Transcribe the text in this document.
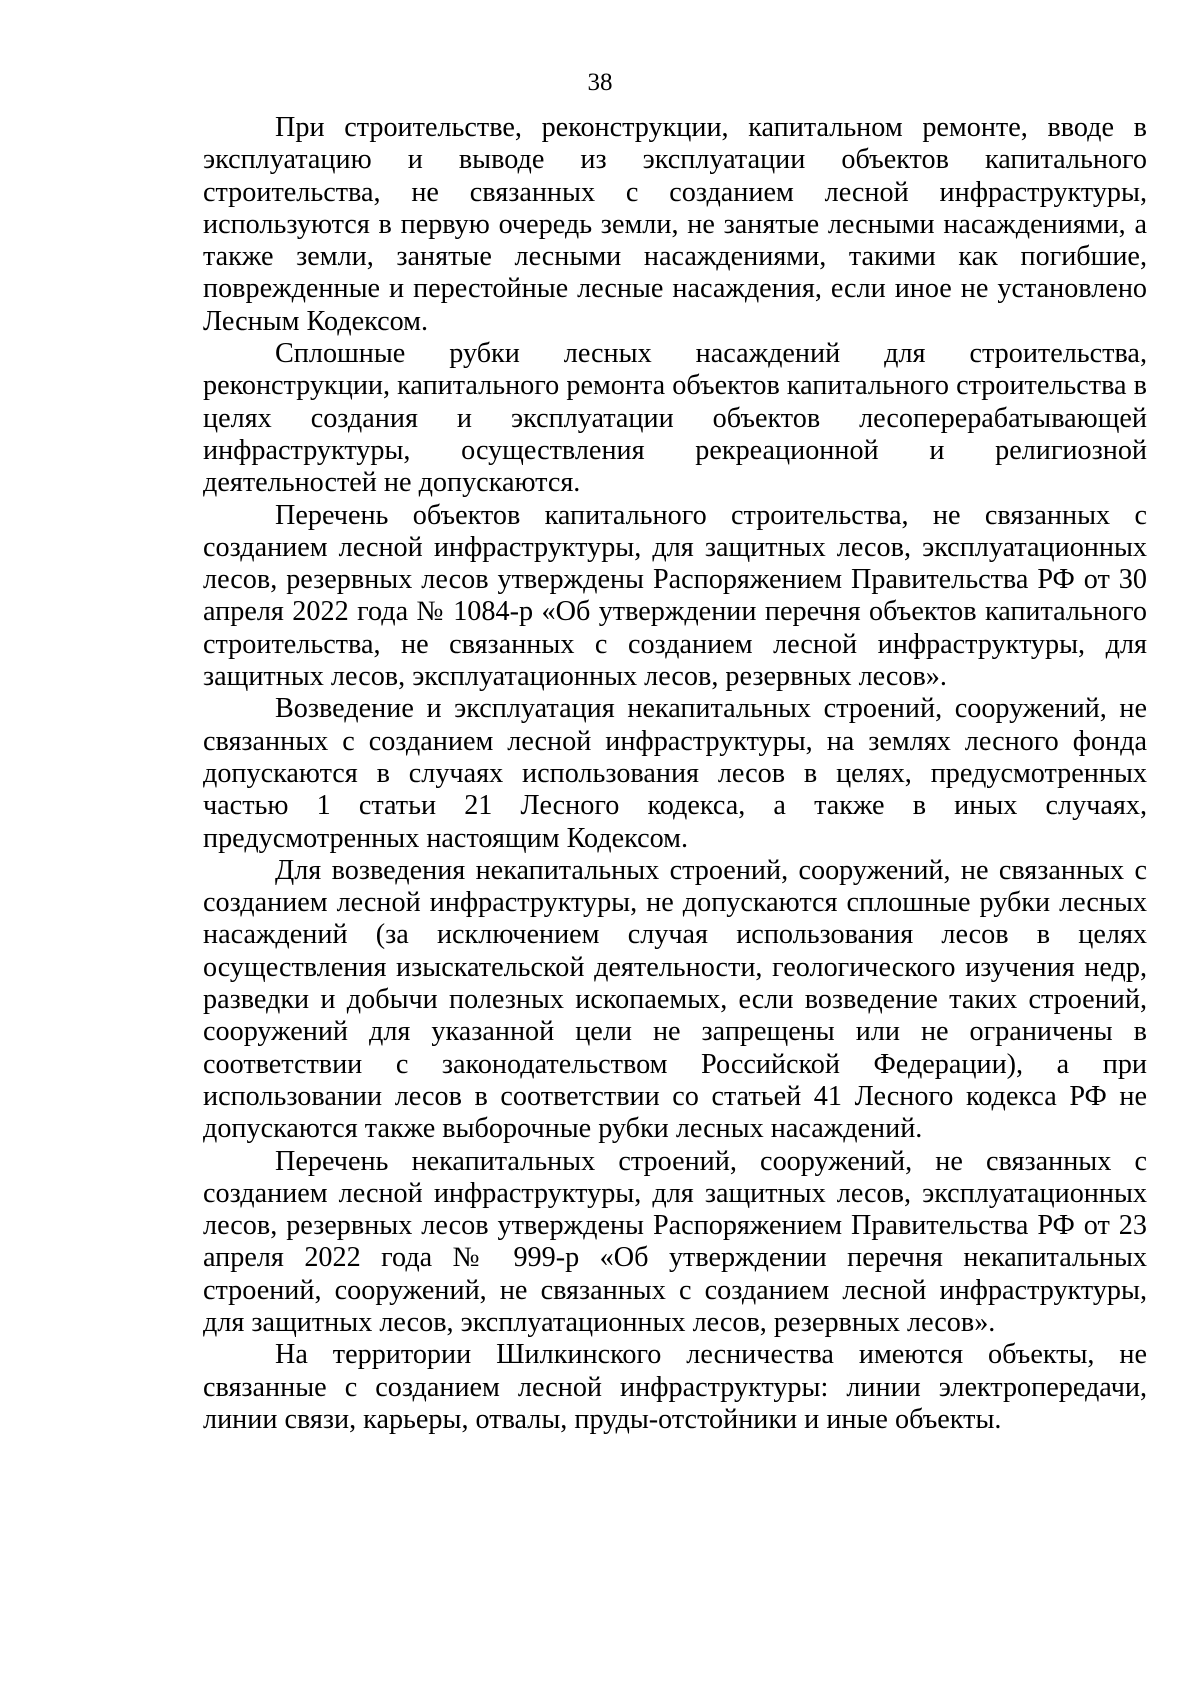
38

При строительстве, реконструкции, капитальном ремонте, вводе в эксплуатацию и выводе из эксплуатации объектов капитального строительства, не связанных с созданием лесной инфраструктуры, используются в первую очередь земли, не занятые лесными насаждениями, а также земли, занятые лесными насаждениями, такими как погибшие, поврежденные и перестойные лесные насаждения, если иное не установлено Лесным Кодексом.

Сплошные рубки лесных насаждений для строительства, реконструкции, капитального ремонта объектов капитального строительства в целях создания и эксплуатации объектов лесоперерабатывающей инфраструктуры, осуществления рекреационной и религиозной деятельностей не допускаются.

Перечень объектов капитального строительства, не связанных с созданием лесной инфраструктуры, для защитных лесов, эксплуатационных лесов, резервных лесов утверждены Распоряжением Правительства РФ от 30 апреля 2022 года № 1084-р «Об утверждении перечня объектов капитального строительства, не связанных с созданием лесной инфраструктуры, для защитных лесов, эксплуатационных лесов, резервных лесов».

Возведение и эксплуатация некапитальных строений, сооружений, не связанных с созданием лесной инфраструктуры, на землях лесного фонда допускаются в случаях использования лесов в целях, предусмотренных частью 1 статьи 21 Лесного кодекса, а также в иных случаях, предусмотренных настоящим Кодексом.

Для возведения некапитальных строений, сооружений, не связанных с созданием лесной инфраструктуры, не допускаются сплошные рубки лесных насаждений (за исключением случая использования лесов в целях осуществления изыскательской деятельности, геологического изучения недр, разведки и добычи полезных ископаемых, если возведение таких строений, сооружений для указанной цели не запрещены или не ограничены в соответствии с законодательством Российской Федерации), а при использовании лесов в соответствии со статьей 41 Лесного кодекса РФ не допускаются также выборочные рубки лесных насаждений.

Перечень некапитальных строений, сооружений, не связанных с созданием лесной инфраструктуры, для защитных лесов, эксплуатационных лесов, резервных лесов утверждены Распоряжением Правительства РФ от 23 апреля 2022 года № 999-р «Об утверждении перечня некапитальных строений, сооружений, не связанных с созданием лесной инфраструктуры, для защитных лесов, эксплуатационных лесов, резервных лесов».

На территории Шилкинского лесничества имеются объекты, не связанные с созданием лесной инфраструктуры: линии электропередачи, линии связи, карьеры, отвалы, пруды-отстойники и иные объекты.
